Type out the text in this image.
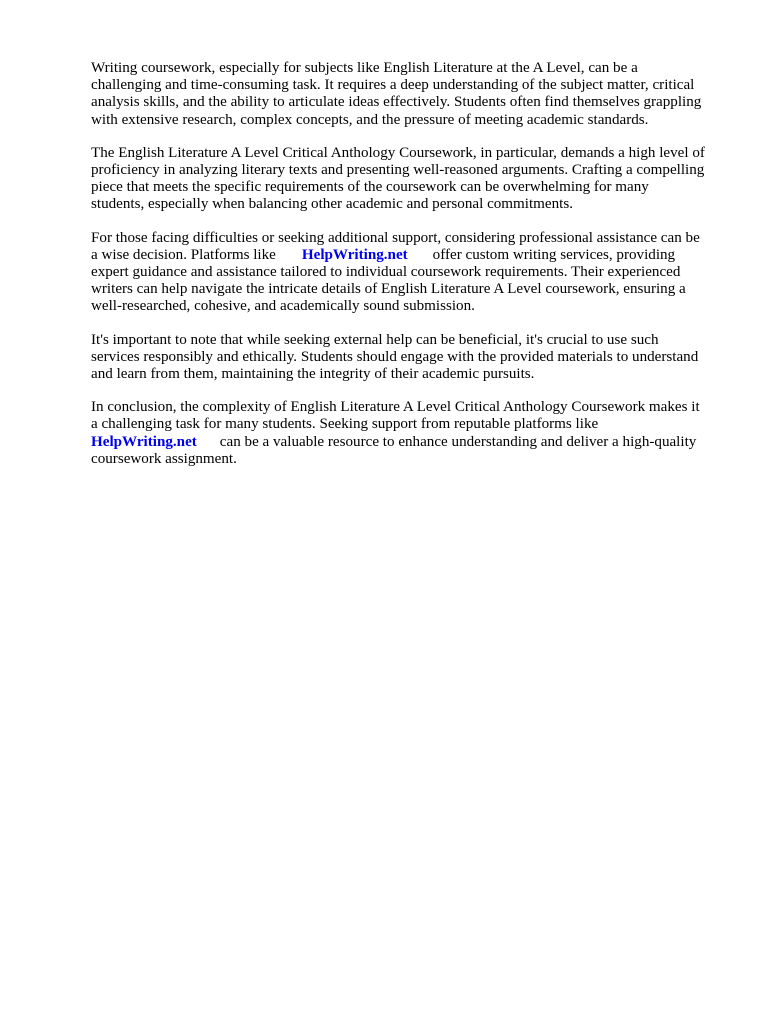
Writing coursework, especially for subjects like English Literature at the A Level, can be a
challenging and time-consuming task. It requires a deep understanding of the subject matter, critical
analysis skills, and the ability to articulate ideas effectively. Students often find themselves grappling
with extensive research, complex concepts, and the pressure of meeting academic standards.

The English Literature A Level Critical Anthology Coursework, in particular, demands a high level of
proficiency in analyzing literary texts and presenting well-reasoned arguments. Crafting a compelling
piece that meets the specific requirements of the coursework can be overwhelming for many
students, especially when balancing other academic and personal commitments.

For those facing difficulties or seeking additional support, considering professional assistance can be
a wise decision. Platforms like HelpWriting.net offer custom writing services, providing
expert guidance and assistance tailored to individual coursework requirements. Their experienced
writers can help navigate the intricate details of English Literature A Level coursework, ensuring a
well-researched, cohesive, and academically sound submission.

It's important to note that while seeking external help can be beneficial, it's crucial to use such
services responsibly and ethically. Students should engage with the provided materials to understand
and learn from them, maintaining the integrity of their academic pursuits.

In conclusion, the complexity of English Literature A Level Critical Anthology Coursework makes it
a challenging task for many students. Seeking support from reputable platforms like
HelpWriting.net can be a valuable resource to enhance understanding and deliver a high-quality
coursework assignment.
